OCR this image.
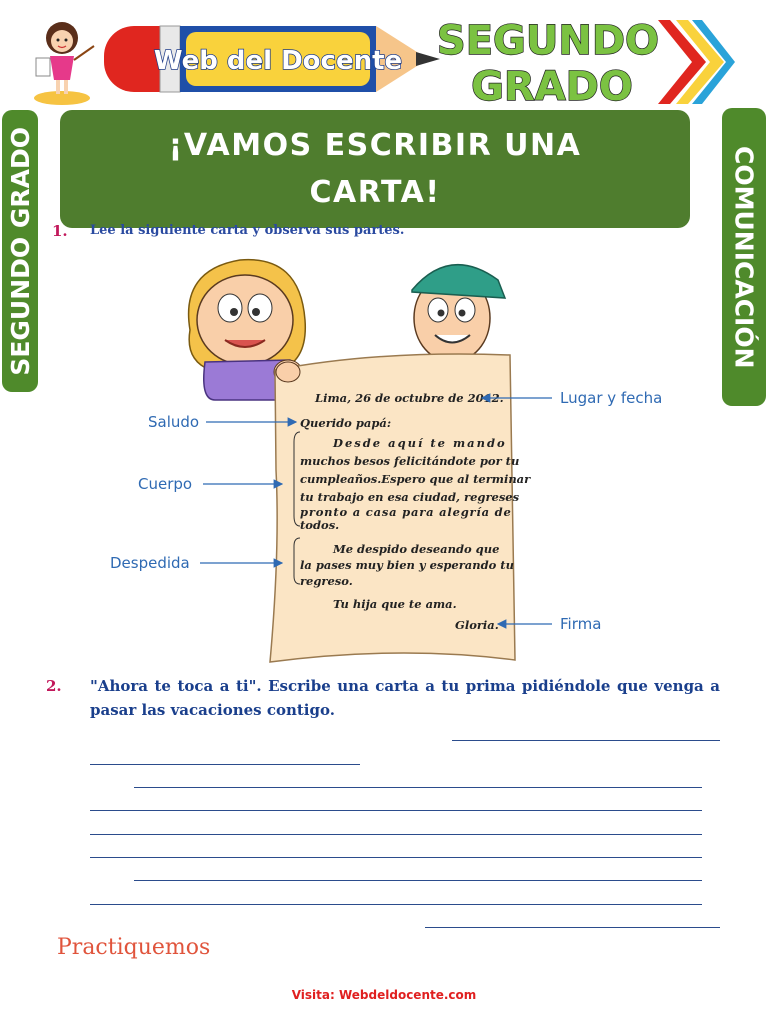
Web del Docente SEGUNDO
GRADO
SEGUNDO GRADO	COMUNICACIÓN
¡VAMOS ESCRIBIR UNA
CARTA!
1. Lee la siguiente carta y observa sus partes.
Lima, 26 de octubre de 2012.
Querido papá:
Desde aquí te mando
muchos besos felicitándote por tu
cumpleaños.Espero que al terminar
tu trabajo en esa ciudad, regreses
pronto a casa para alegría de
todos.
Me despido deseando que
la pases muy bien y esperando tu
regreso.
Tu hija que te ama.
Gloria.
Saludo
Cuerpo
Despedida
Lugar y fecha
Firma
2. "Ahora te toca a ti". Escribe una carta a tu prima pidiéndole que venga a pasar las vacaciones contigo.
Practiquemos
Visita: Webdeldocente.com
